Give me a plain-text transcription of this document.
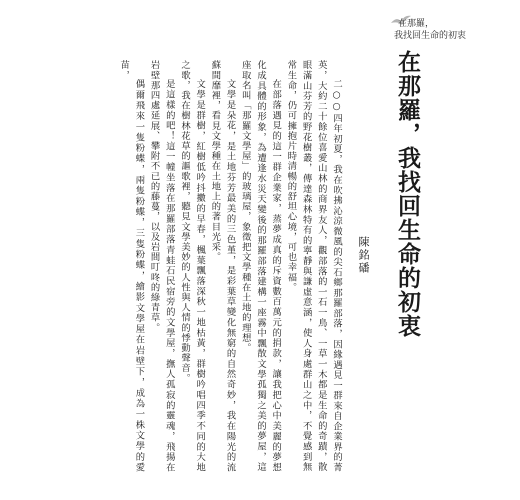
在那羅，
我找回生命的初衷
在那羅，我找回生命的初衷
陳銘磻

二○○四年初夏，我在吹拂沁涼微風的尖石鄉那羅部落，因緣遇見一群來自企業界的菁英，大約二十餘位喜愛山林的商界友人，觀部落的一石一鳥、一草一木都是生命的奇蹟，散眼滿山芬芳的野花樹叢，傳達森林特有的寧靜與謙虛意涵，使人身處群山之中，不覺感到無常生命，仍可擁抱片時清暢的舒坦心境，可也幸福。

在部落遇見的這一群企業家，蒸夢成真的斥資數百萬元的捐款，讓我把心中美麗的夢想化成具體的形象，為遭逢水災天變後的那羅部落建構一座霧中飄散文學孤獨之美的夢屋，這座取名叫「那羅文學屋」的玻璃屋，象徵把文學種在土地的理想。

文學是朵花，是土地芬芳最美的三色堇，是彩葉草變化無窮的自然奇妙，我在陽光的流蘇間靡裡，看見文學種在土地上的著目光采。

文學是群樹，紅樹低吟抖擻的早春，楓葉飄落深秋一地枯黃，群樹吟唱四季不同的大地之歌，我在樹林花草的謳歌裡，聽見文學美妙的人性與人情的悸動聲音。

是這樣的吧！這一幢坐落在那羅部落青蛙石民宿旁的文學屋，撫人孤寂的靈魂，飛揚在岩壁那四處延展、攀附不已的藤蔓，以及岩間叮咚的綠青草。

偶爾飛來一隻粉蝶，兩隻粉蝶，三隻粉蝶，繪影文學屋在岩壁下，成為一株文學的愛苗，
